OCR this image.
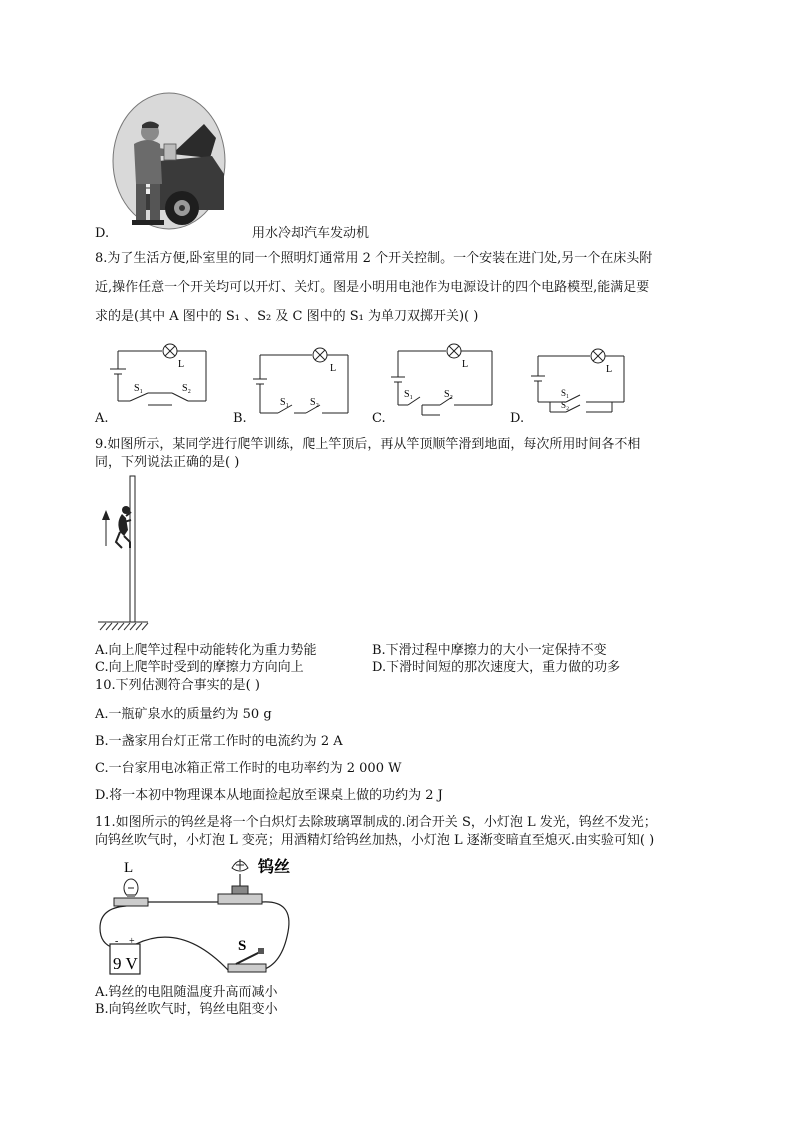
D.	用水冷却汽车发动机

8.为了生活方便,卧室里的同一个照明灯通常用 2 个开关控制。一个安装在进门处,另一个在床头附

近,操作任意一个开关均可以开灯、关灯。图是小明用电池作为电源设计的四个电路模型,能满足要

求的是(其中 A 图中的 S₁ 、S₂ 及 C 图中的 S₁ 为单刀双掷开关)( )

L
S₁	S₂

A.

L
S₁ S₂

B.

L
S₁	S₂

C.

L
S₁
S₂

D.

9.如图所示，某同学进行爬竿训练，爬上竿顶后，再从竿顶顺竿滑到地面，每次所用时间各不相

同，下列说法正确的是( )

A.向上爬竿过程中动能转化为重力势能	B.下滑过程中摩擦力的大小一定保持不变

C.向上爬竿时受到的摩擦力方向向上	D.下滑时间短的那次速度大，重力做的功多

10.下列估测符合事实的是( )

A.一瓶矿泉水的质量约为 50 g

B.一盏家用台灯正常工作时的电流约为 2 A

C.一台家用电冰箱正常工作时的电功率约为 2 000 W

D.将一本初中物理课本从地面捡起放至课桌上做的功约为 2 J

11.如图所示的钨丝是将一个白炽灯去除玻璃罩制成的.闭合开关 S，小灯泡 L 发光，钨丝不发光；

向钨丝吹气时，小灯泡 L 变亮；用酒精灯给钨丝加热，小灯泡 L 逐渐变暗直至熄灭.由实验可知( )

L	钨丝
- +
9 V
S

A.钨丝的电阻随温度升高而减小

B.向钨丝吹气时，钨丝电阻变小
